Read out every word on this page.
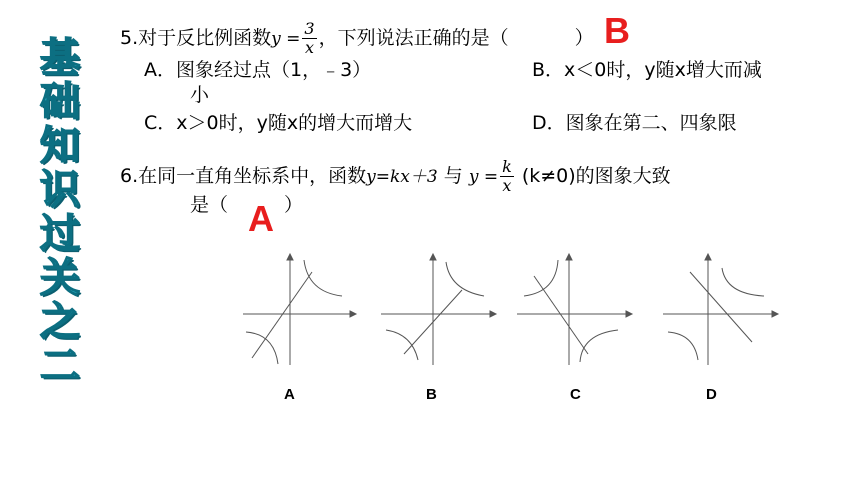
基
础
知
识
过
关
之
二
5.对于反比例函数$y = \frac{3}{x}$ ，下列说法正确的是（	） B
A．图象经过点（1，﹣3）	B．x＜0时，y随x增大而减
小
C．x＞0时，y随x的增大而增大	D．图象在第二、四象限
6.在同一直角坐标系中，函数y=kx＋3 与 $y = \frac{k}{x} (k\ne 0)$的图象大致
是（	）
A
A	B	C	D
